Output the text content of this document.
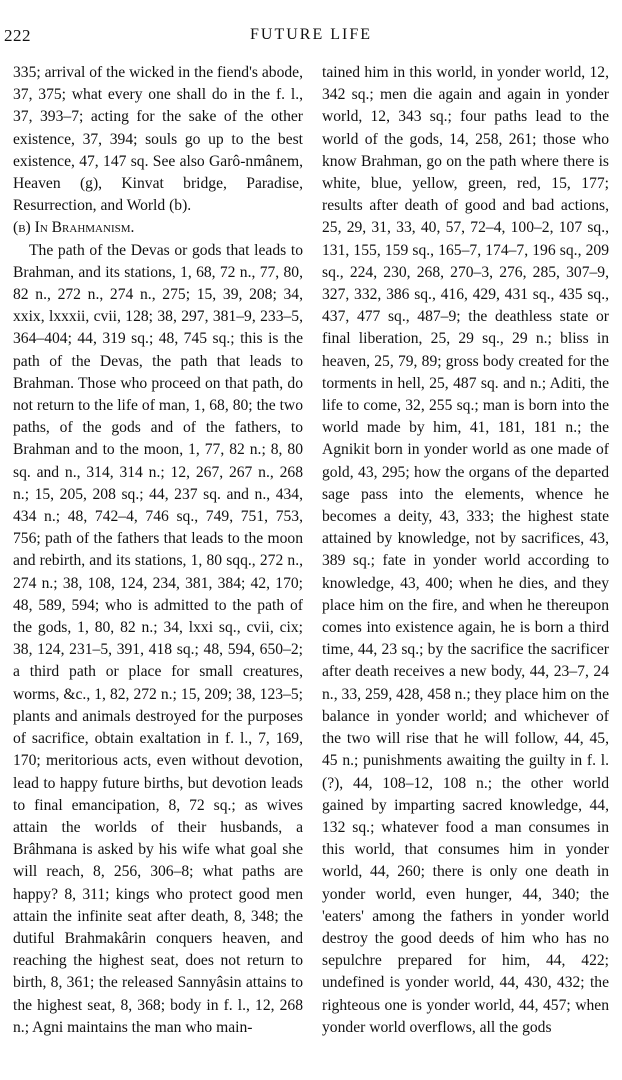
222	FUTURE LIFE

335; arrival of the wicked in the fiend's abode, 37, 375; what every one shall do in the f. l., 37, 393–7; acting for the sake of the other existence, 37, 394; souls go up to the best existence, 47, 147 sq. See also Garô-nmânem, Heaven (g), Kinvat bridge, Paradise, Resurrection, and World (b).

(b) In Brahmanism.

The path of the Devas or gods that leads to Brahman, and its stations, 1, 68, 72 n., 77, 80, 82 n., 272 n., 274 n., 275; 15, 39, 208; 34, xxix, lxxxii, cvii, 128; 38, 297, 381–9, 233–5, 364–404; 44, 319 sq.; 48, 745 sq.; this is the path of the Devas, the path that leads to Brahman. Those who proceed on that path, do not return to the life of man, 1, 68, 80; the two paths, of the gods and of the fathers, to Brahman and to the moon, 1, 77, 82 n.; 8, 80 sq. and n., 314, 314 n.; 12, 267, 267 n., 268 n.; 15, 205, 208 sq.; 44, 237 sq. and n., 434, 434 n.; 48, 742–4, 746 sq., 749, 751, 753, 756; path of the fathers that leads to the moon and rebirth, and its stations, 1, 80 sqq., 272 n., 274 n.; 38, 108, 124, 234, 381, 384; 42, 170; 48, 589, 594; who is admitted to the path of the gods, 1, 80, 82 n.; 34, lxxi sq., cvii, cix; 38, 124, 231–5, 391, 418 sq.; 48, 594, 650–2; a third path or place for small creatures, worms, &c., 1, 82, 272 n.; 15, 209; 38, 123–5; plants and animals destroyed for the purposes of sacrifice, obtain exaltation in f. l., 7, 169, 170; meritorious acts, even without devotion, lead to happy future births, but devotion leads to final emancipation, 8, 72 sq.; as wives attain the worlds of their husbands, a Brâhmana is asked by his wife what goal she will reach, 8, 256, 306–8; what paths are happy? 8, 311; kings who protect good men attain the infinite seat after death, 8, 348; the dutiful Brahmakârin conquers heaven, and reaching the highest seat, does not return to birth, 8, 361; the released Sannyâsin attains to the highest seat, 8, 368; body in f. l., 12, 268 n.; Agni maintains the man who main-

tained him in this world, in yonder world, 12, 342 sq.; men die again and again in yonder world, 12, 343 sq.; four paths lead to the world of the gods, 14, 258, 261; those who know Brahman, go on the path where there is white, blue, yellow, green, red, 15, 177; results after death of good and bad actions, 25, 29, 31, 33, 40, 57, 72–4, 100–2, 107 sq., 131, 155, 159 sq., 165–7, 174–7, 196 sq., 209 sq., 224, 230, 268, 270–3, 276, 285, 307–9, 327, 332, 386 sq., 416, 429, 431 sq., 435 sq., 437, 477 sq., 487–9; the deathless state or final liberation, 25, 29 sq., 29 n.; bliss in heaven, 25, 79, 89; gross body created for the torments in hell, 25, 487 sq. and n.; Aditi, the life to come, 32, 255 sq.; man is born into the world made by him, 41, 181, 181 n.; the Agnikit born in yonder world as one made of gold, 43, 295; how the organs of the departed sage pass into the elements, whence he becomes a deity, 43, 333; the highest state attained by knowledge, not by sacrifices, 43, 389 sq.; fate in yonder world according to knowledge, 43, 400; when he dies, and they place him on the fire, and when he thereupon comes into existence again, he is born a third time, 44, 23 sq.; by the sacrifice the sacrificer after death receives a new body, 44, 23–7, 24 n., 33, 259, 428, 458 n.; they place him on the balance in yonder world; and whichever of the two will rise that he will follow, 44, 45, 45 n.; punishments awaiting the guilty in f. l. (?), 44, 108–12, 108 n.; the other world gained by imparting sacred knowledge, 44, 132 sq.; whatever food a man consumes in this world, that consumes him in yonder world, 44, 260; there is only one death in yonder world, even hunger, 44, 340; the 'eaters' among the fathers in yonder world destroy the good deeds of him who has no sepulchre prepared for him, 44, 422; undefined is yonder world, 44, 430, 432; the righteous one is yonder world, 44, 457; when yonder world overflows, all the gods
